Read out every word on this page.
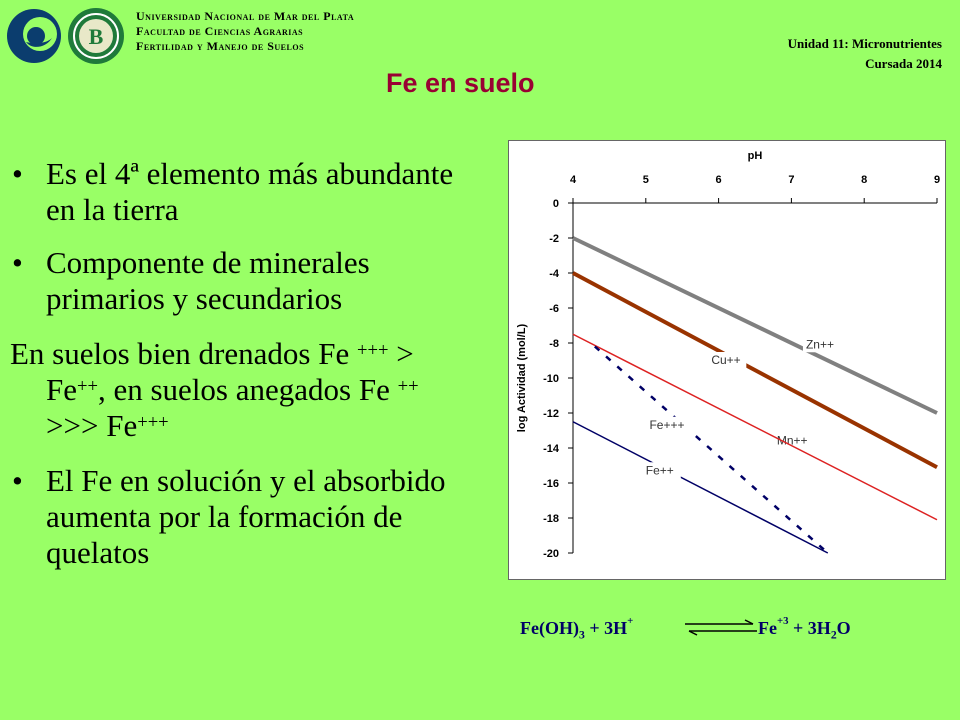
B
Universidad Nacional de Mar del Plata
Facultad de Ciencias Agrarias
Fertilidad y Manejo de Suelos	Unidad 11: Micronutrientes
Cursada 2014
Fe en suelo
• Es el 4ª elemento más abundante en la tierra
• Componente de minerales primarios y secundarios
En suelos bien drenados Fe +++ >
Fe++, en suelos anegados Fe ++
>>> Fe+++
• El Fe en solución y el absorbido aumenta por la formación de quelatos
pH
4	5	6	7	8	9
0
-2
-4
-6
-8
-10
-12
-14
-16
-18
-20
log Actividad (mol/L)	Zn++
Mn++
Cu++
Fe+++
Fe++
$Fe(OH)_3 + 3H^+$	$Fe^{+3} + 3H_2O$
